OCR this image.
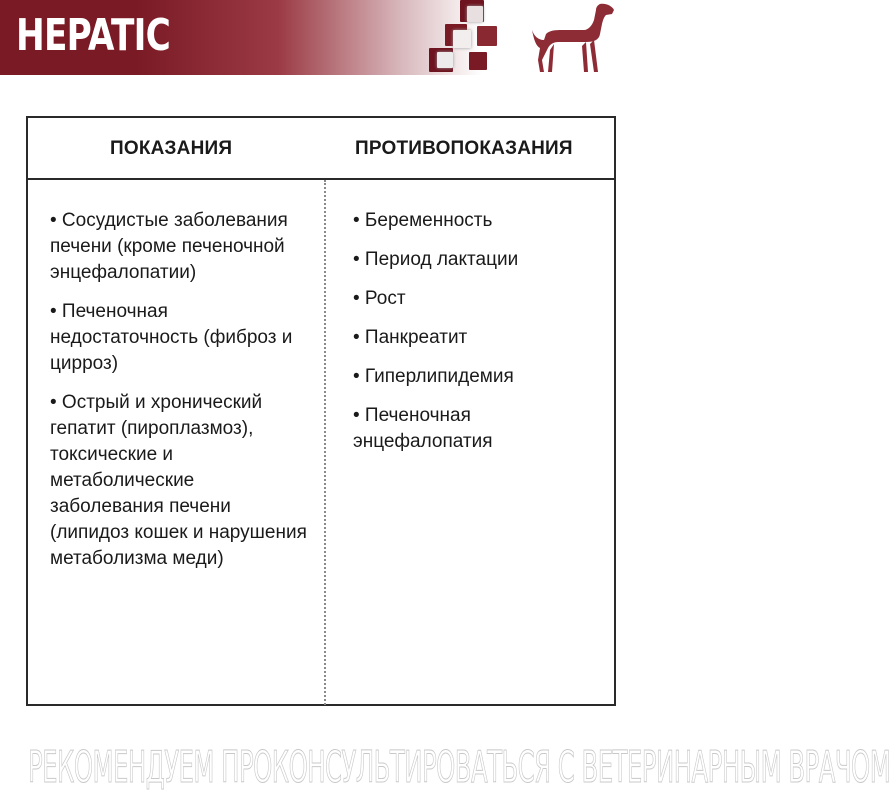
HEPATIC
ПОКАЗАНИЯ	ПРОТИВОПОКАЗАНИЯ
• Сосудистые заболевания печени (кроме печеночной энцефалопатии)
• Печеночная недостаточность (фиброз и цирроз)
• Острый и хронический гепатит (пироплазмоз), токсические и метаболические заболевания печени (липидоз кошек и нарушения метаболизма меди)
• Беременность
• Период лактации
• Рост
• Панкреатит
• Гиперлипидемия
• Печеночная энцефалопатия
РЕКОМЕНДУЕМ ПРОКОНСУЛЬТИРОВАТЬСЯ С ВЕТЕРИНАРНЫМ ВРАЧОМ
